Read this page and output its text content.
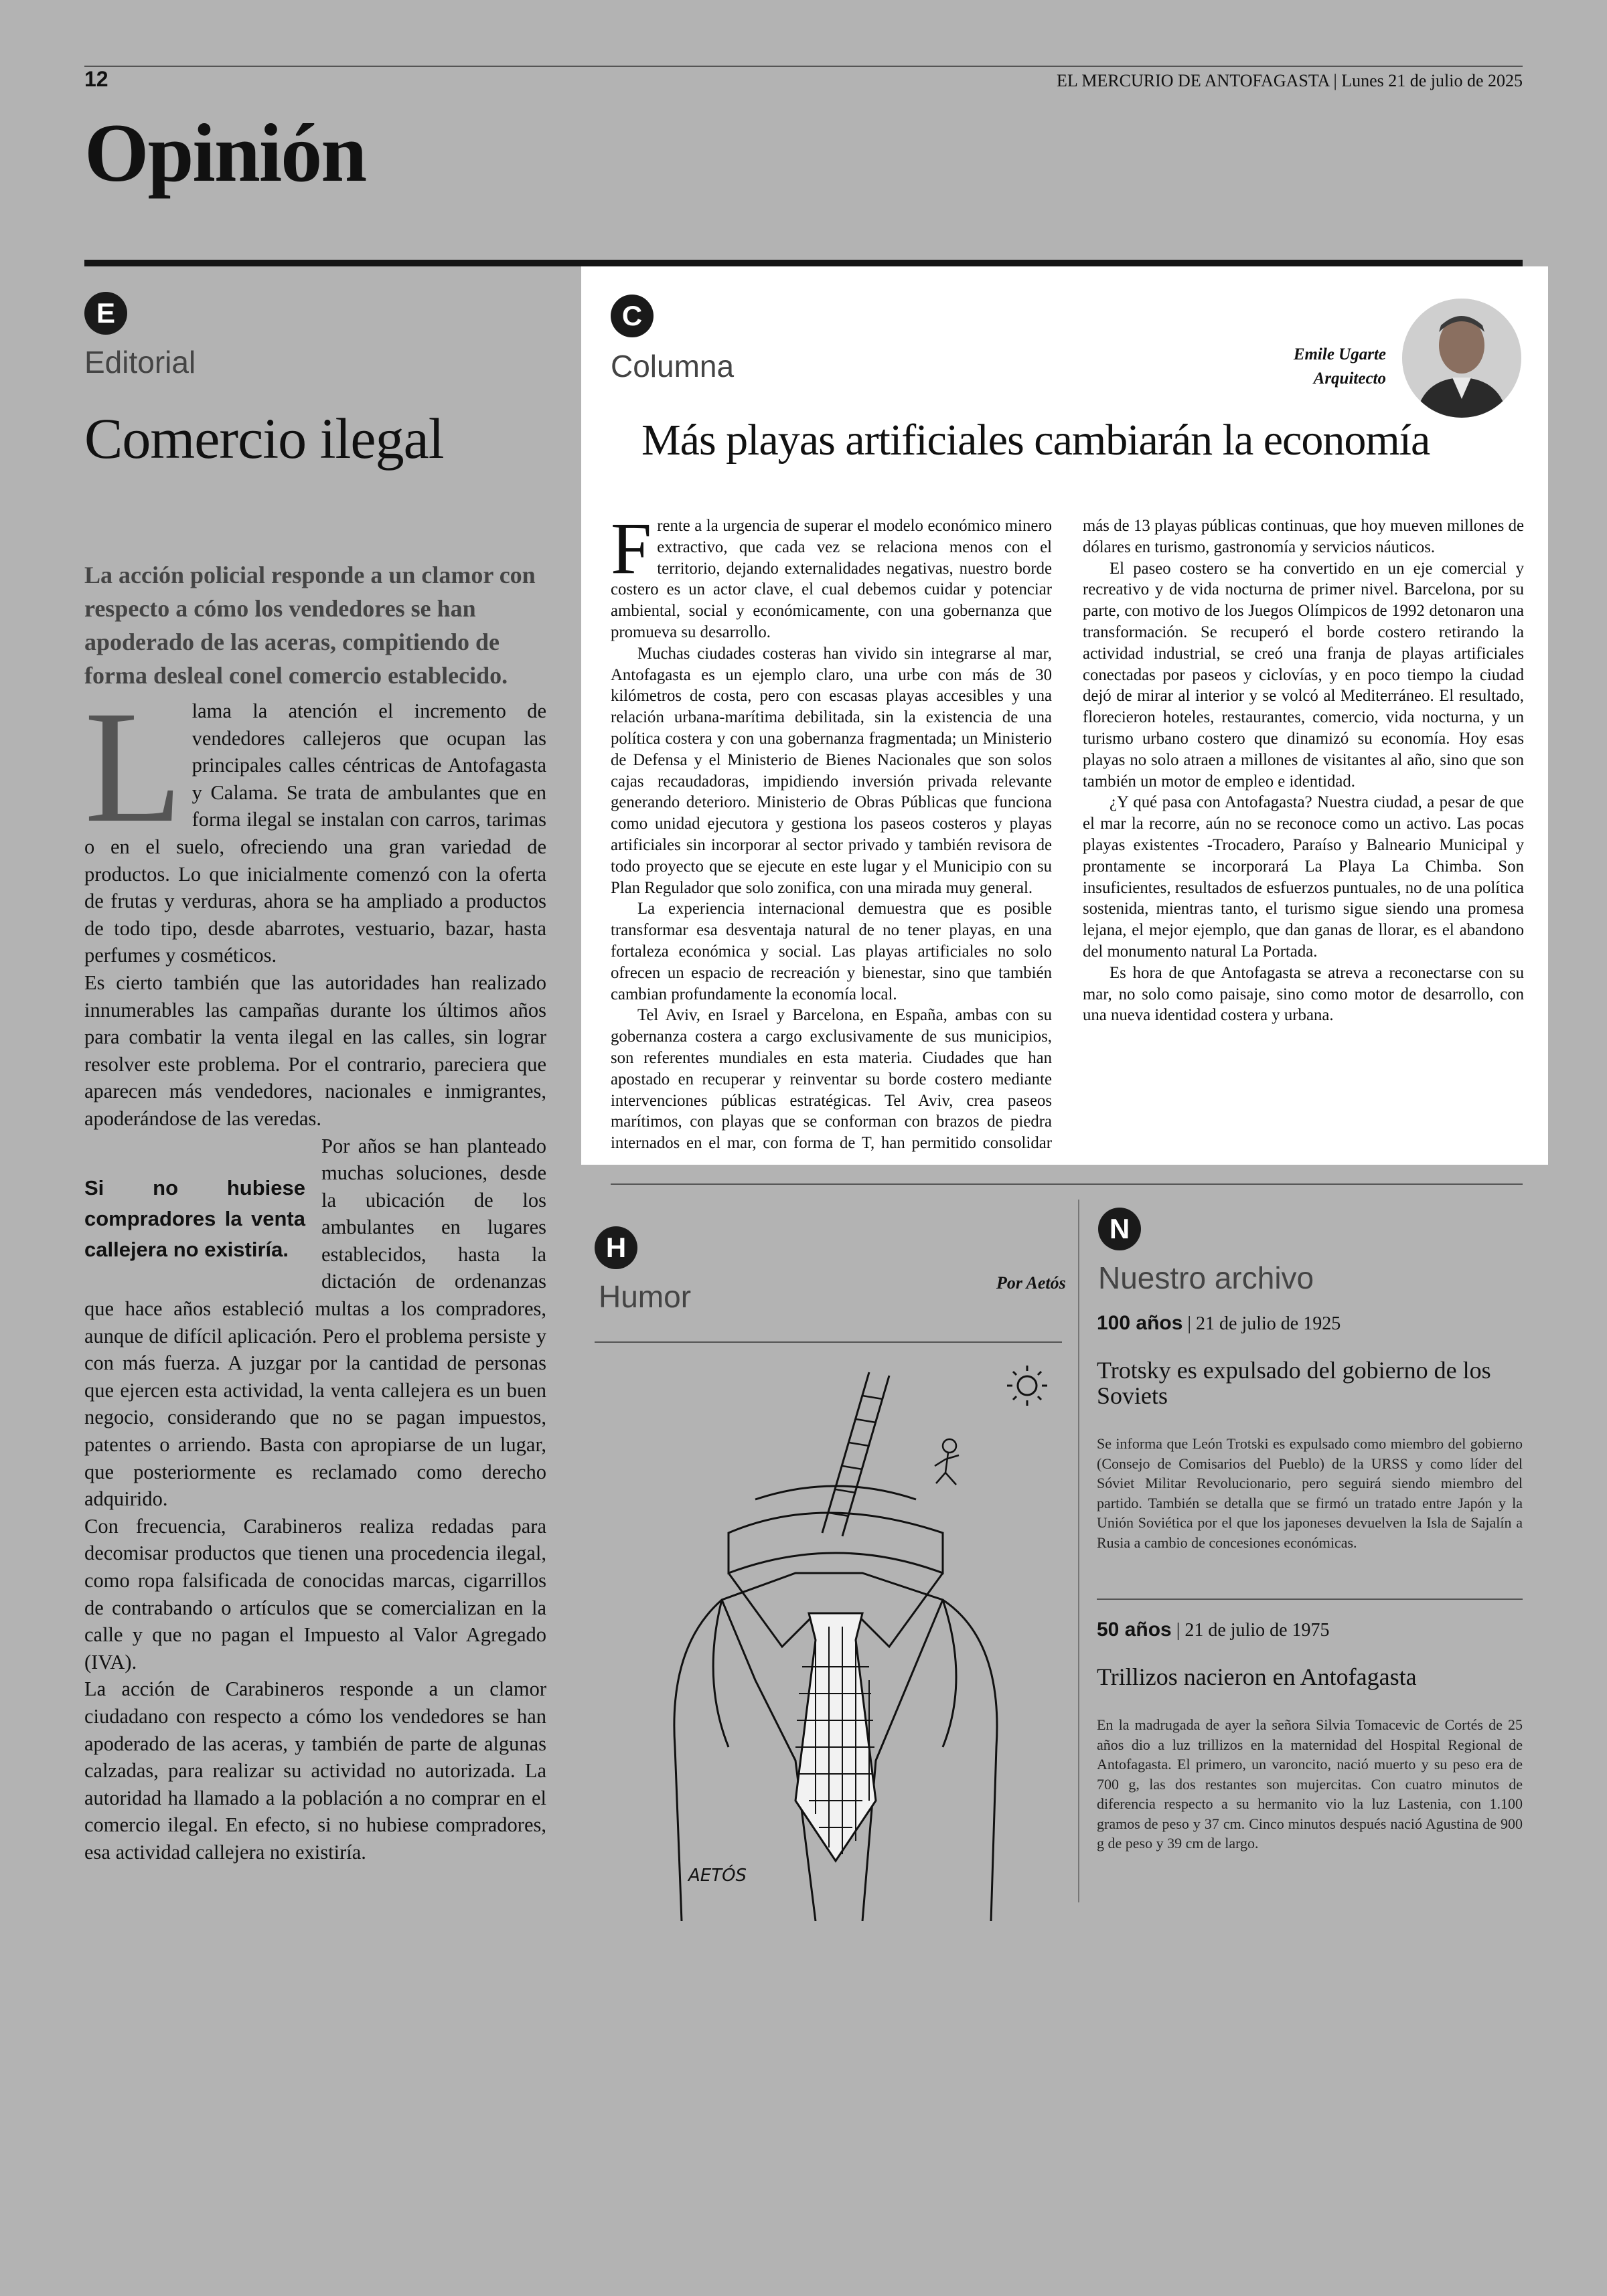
12	EL MERCURIO DE ANTOFAGASTA | Lunes 21 de julio de 2025
Opinión
E
Editorial
Comercio ilegal
La acción policial responde a un clamor con respecto a cómo los vendedores se han apoderado de las aceras, compitiendo de forma desleal conel comercio establecido.

Llama la atención el incremento de vendedores callejeros que ocupan las principales calles céntricas de Antofagasta y Calama. Se trata de ambulantes que en forma ilegal se instalan con carros, tarimas o en el suelo, ofreciendo una gran variedad de productos. Lo que inicialmente comenzó con la oferta de frutas y verduras, ahora se ha ampliado a productos de todo tipo, desde abarrotes, vestuario, bazar, hasta perfumes y cosméticos.

Es cierto también que las autoridades han realizado innumerables las campañas durante los últimos años para combatir la venta ilegal en las calles, sin lograr resolver este problema. Por el contrario, pareciera que aparecen más vendedores, nacionales e inmigrantes, apoderándose de las veredas.

Si no hubiese compradores la venta callejera no existiría.

Por años se han planteado muchas soluciones, desde la ubicación de los ambulantes en lugares establecidos, hasta la dictación de ordenanzas que hace años estableció multas a los compradores, aunque de difícil aplicación. Pero el problema persiste y con más fuerza. A juzgar por la cantidad de personas que ejercen esta actividad, la venta callejera es un buen negocio, considerando que no se pagan impuestos, patentes o arriendo. Basta con apropiarse de un lugar, que posteriormente es reclamado como derecho adquirido.

Con frecuencia, Carabineros realiza redadas para decomisar productos que tienen una procedencia ilegal, como ropa falsificada de conocidas marcas, cigarrillos de contrabando o artículos que se comercializan en la calle y que no pagan el Impuesto al Valor Agregado (IVA).

La acción de Carabineros responde a un clamor ciudadano con respecto a cómo los vendedores se han apoderado de las aceras, y también de parte de algunas calzadas, para realizar su actividad no autorizada. La autoridad ha llamado a la población a no comprar en el comercio ilegal. En efecto, si no hubiese compradores, esa actividad callejera no existiría.

C
Columna	Emile Ugarte
Arquitecto
Más playas artificiales cambiarán la economía

Frente a la urgencia de superar el modelo económico minero extractivo, que cada vez se relaciona menos con el territorio, dejando externalidades negativas, nuestro borde costero es un actor clave, el cual debemos cuidar y potenciar ambiental, social y económicamente, con una gobernanza que promueva su desarrollo.

Muchas ciudades costeras han vivido sin integrarse al mar, Antofagasta es un ejemplo claro, una urbe con más de 30 kilómetros de costa, pero con escasas playas accesibles y una relación urbana-marítima debilitada, sin la existencia de una política costera y con una gobernanza fragmentada; un Ministerio de Defensa y el Ministerio de Bienes Nacionales que son solos cajas recaudadoras, impidiendo inversión privada relevante generando deterioro. Ministerio de Obras Públicas que funciona como unidad ejecutora y gestiona los paseos costeros y playas artificiales sin incorporar al sector privado y también revisora de todo proyecto que se ejecute en este lugar y el Municipio con su Plan Regulador que solo zonifica, con una mirada muy general.

La experiencia internacional demuestra que es posible transformar esa desventaja natural de no tener playas, en una fortaleza económica y social. Las playas artificiales no solo ofrecen un espacio de recreación y bienestar, sino que también cambian profundamente la economía local.

Tel Aviv, en Israel y Barcelona, en España, ambas con su gobernanza costera a cargo exclusivamente de sus municipios, son referentes mundiales en esta materia. Ciudades que han apostado en recuperar y reinventar su borde costero mediante intervenciones públicas estratégicas. Tel Aviv, crea paseos marítimos, con playas que se conforman con brazos de piedra internados en el mar, con forma de T, han permitido consolidar más de 13 playas públicas continuas, que hoy mueven millones de dólares en turismo, gastronomía y servicios náuticos.

El paseo costero se ha convertido en un eje comercial y recreativo y de vida nocturna de primer nivel. Barcelona, por su parte, con motivo de los Juegos Olímpicos de 1992 detonaron una transformación. Se recuperó el borde costero retirando la actividad industrial, se creó una franja de playas artificiales conectadas por paseos y ciclovías, y en poco tiempo la ciudad dejó de mirar al interior y se volcó al Mediterráneo. El resultado, florecieron hoteles, restaurantes, comercio, vida nocturna, y un turismo urbano costero que dinamizó su economía. Hoy esas playas no solo atraen a millones de visitantes al año, sino que son también un motor de empleo e identidad.

¿Y qué pasa con Antofagasta? Nuestra ciudad, a pesar de que el mar la recorre, aún no se reconoce como un activo. Las pocas playas existentes -Trocadero, Paraíso y Balneario Municipal y prontamente se incorporará La Playa La Chimba. Son insuficientes, resultados de esfuerzos puntuales, no de una política sostenida, mientras tanto, el turismo sigue siendo una promesa lejana, el mejor ejemplo, que dan ganas de llorar, es el abandono del monumento natural La Portada.

Es hora de que Antofagasta se atreva a reconectarse con su mar, no solo como paisaje, sino como motor de desarrollo, con una nueva identidad costera y urbana.

H
Humor	Por Aetós
AETÓS
N
Nuestro archivo
100 años | 21 de julio de 1925
Trotsky es expulsado del gobierno de los Soviets
Se informa que León Trotski es expulsado como miembro del gobierno (Consejo de Comisarios del Pueblo) de la URSS y como líder del Sóviet Militar Revolucionario, pero seguirá siendo miembro del partido. También se detalla que se firmó un tratado entre Japón y la Unión Soviética por el que los japoneses devuelven la Isla de Sajalín a Rusia a cambio de concesiones económicas.
50 años | 21 de julio de 1975
Trillizos nacieron en Antofagasta
En la madrugada de ayer la señora Silvia Tomacevic de Cortés de 25 años dio a luz trillizos en la maternidad del Hospital Regional de Antofagasta. El primero, un varoncito, nació muerto y su peso era de 700 g, las dos restantes son mujercitas. Con cuatro minutos de diferencia respecto a su hermanito vio la luz Lastenia, con 1.100 gramos de peso y 37 cm. Cinco minutos después nació Agustina de 900 g de peso y 39 cm de largo.
